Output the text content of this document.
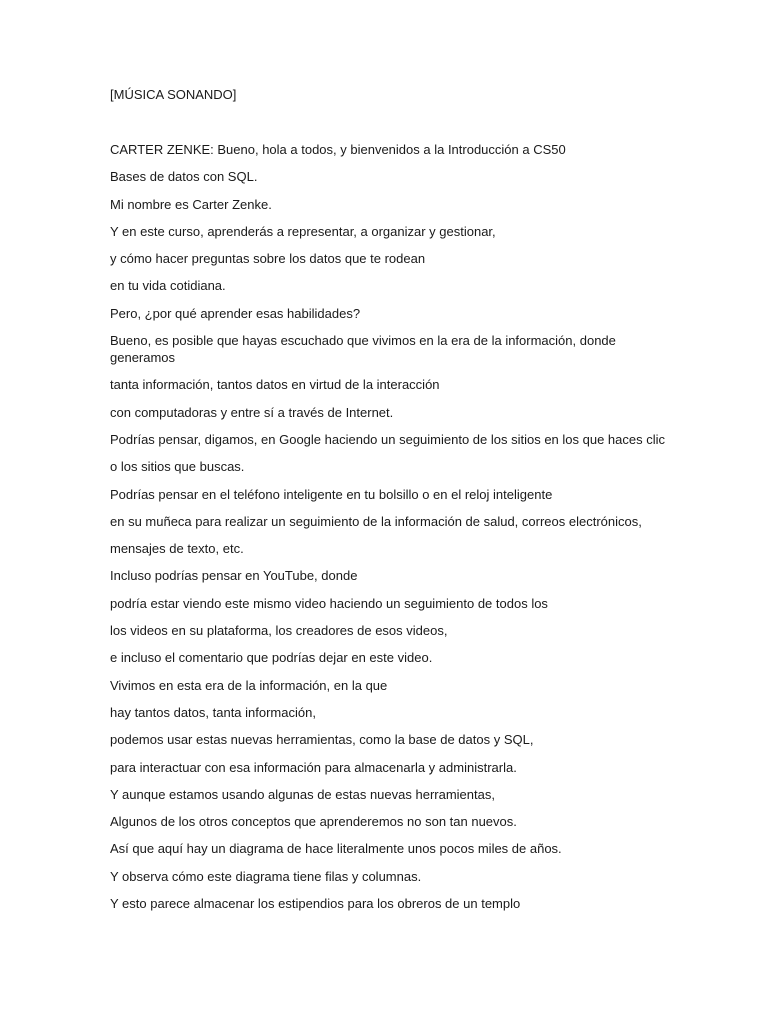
[MÚSICA SONANDO]

CARTER ZENKE: Bueno, hola a todos, y bienvenidos a la Introducción a CS50

Bases de datos con SQL.

Mi nombre es Carter Zenke.

Y en este curso, aprenderás a representar, a organizar y gestionar,

y cómo hacer preguntas sobre los datos que te rodean

en tu vida cotidiana.

Pero, ¿por qué aprender esas habilidades?

Bueno, es posible que hayas escuchado que vivimos en la era de la información, donde generamos

tanta información, tantos datos en virtud de la interacción

con computadoras y entre sí a través de Internet.

Podrías pensar, digamos, en Google haciendo un seguimiento de los sitios en los que haces clic

o los sitios que buscas.

Podrías pensar en el teléfono inteligente en tu bolsillo o en el reloj inteligente

en su muñeca para realizar un seguimiento de la información de salud, correos electrónicos,

mensajes de texto, etc.

Incluso podrías pensar en YouTube, donde

podría estar viendo este mismo video haciendo un seguimiento de todos los

los videos en su plataforma, los creadores de esos videos,

e incluso el comentario que podrías dejar en este video.

Vivimos en esta era de la información, en la que

hay tantos datos, tanta información,

podemos usar estas nuevas herramientas, como la base de datos y SQL,

para interactuar con esa información para almacenarla y administrarla.

Y aunque estamos usando algunas de estas nuevas herramientas,

Algunos de los otros conceptos que aprenderemos no son tan nuevos.

Así que aquí hay un diagrama de hace literalmente unos pocos miles de años.

Y observa cómo este diagrama tiene filas y columnas.

Y esto parece almacenar los estipendios para los obreros de un templo
